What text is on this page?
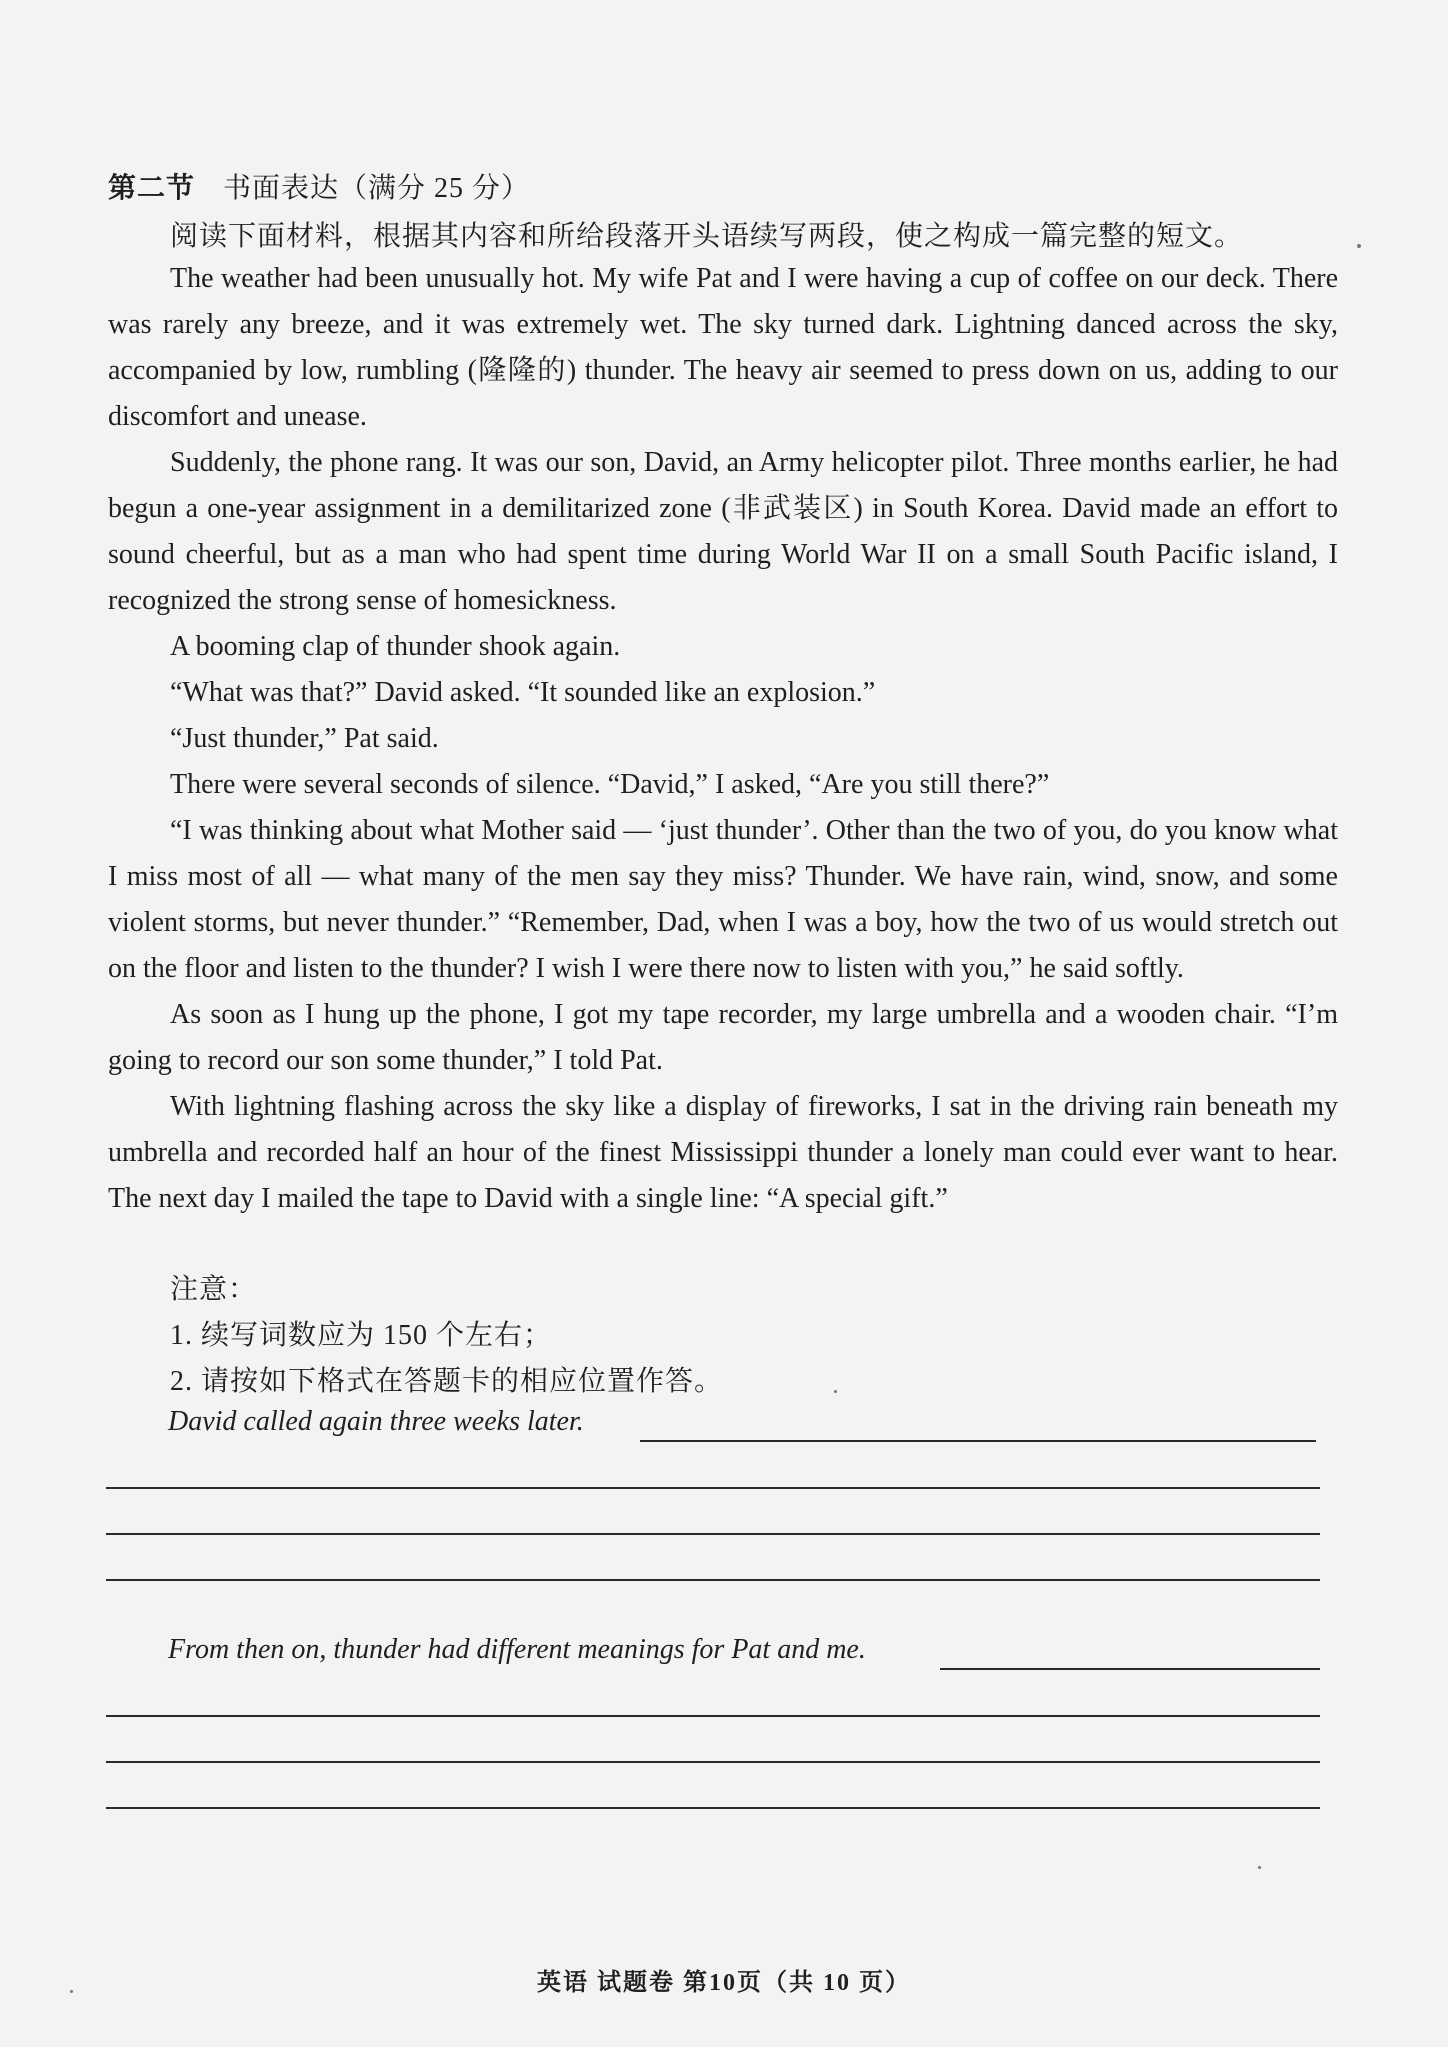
第二节 书面表达（满分 25 分）
阅读下面材料，根据其内容和所给段落开头语续写两段，使之构成一篇完整的短文。

The weather had been unusually hot. My wife Pat and I were having a cup of coffee on our deck. There was rarely any breeze, and it was extremely wet. The sky turned dark. Lightning danced across the sky, accompanied by low, rumbling (隆隆的) thunder. The heavy air seemed to press down on us, adding to our discomfort and unease.

Suddenly, the phone rang. It was our son, David, an Army helicopter pilot. Three months earlier, he had begun a one-year assignment in a demilitarized zone (非武装区) in South Korea. David made an effort to sound cheerful, but as a man who had spent time during World War II on a small South Pacific island, I recognized the strong sense of homesickness.

A booming clap of thunder shook again.

“What was that?” David asked. “It sounded like an explosion.”

“Just thunder,” Pat said.

There were several seconds of silence. “David,” I asked, “Are you still there?”

“I was thinking about what Mother said — ‘just thunder’. Other than the two of you, do you know what I miss most of all — what many of the men say they miss? Thunder. We have rain, wind, snow, and some violent storms, but never thunder.” “Remember, Dad, when I was a boy, how the two of us would stretch out on the floor and listen to the thunder? I wish I were there now to listen with you,” he said softly.

As soon as I hung up the phone, I got my tape recorder, my large umbrella and a wooden chair. “I’m going to record our son some thunder,” I told Pat.

With lightning flashing across the sky like a display of fireworks, I sat in the driving rain beneath my umbrella and recorded half an hour of the finest Mississippi thunder a lonely man could ever want to hear. The next day I mailed the tape to David with a single line: “A special gift.”

注意：
1. 续写词数应为 150 个左右；
2. 请按如下格式在答题卡的相应位置作答。
David called again three weeks later.
From then on, thunder had different meanings for Pat and me.
英语 试题卷 第10页（共 10 页）
